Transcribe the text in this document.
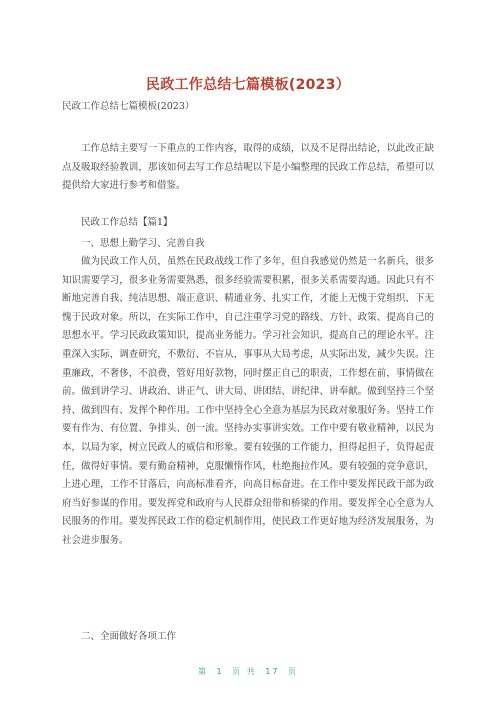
民政工作总结七篇模板(2023）
民政工作总结七篇模板(2023）

工作总结主要写一下重点的工作内容，取得的成绩，以及不足得出结论，以此改正缺点及吸取经验教训，那该如何去写工作总结呢以下是小编整理的民政工作总结，希望可以提供给大家进行参考和借鉴。

民政工作总结【篇1】
一、思想上勤学习、完善自我

做为民政工作人员，虽然在民政战线工作了多年，但自我感觉仍然是一名新兵，很多知识需要学习，很多业务需要熟悉，很多经验需要积累，很多关系需要沟通。因此只有不断地完善自我、纯洁思想、端正意识、精通业务、扎实工作，才能上无愧于党组织、下无愧于民政对象。所以，在实际工作中，自己注重学习党的路线、方针、政策、提高自己的思想水平。学习民政政策知识，提高业务能力。学习社会知识，提高自己的理论水平。注重深入实际，调查研究，不敷衍、不盲从，事事从大局考虑，从实际出发，减少失误。注重廉政，不奢侈，不浪费，管好用好款物，同时摆正自己的职责，工作想在前，事情做在前。做到讲学习、讲政治、讲正气、讲大局、讲团结、讲纪律、讲奉献。做到坚持三个坚持、做到四有、发挥个种作用。工作中坚持全心全意为基层为民政对象服好务。坚持工作要有作为、有位置、争排头、创一流。坚持办实事讲实效。工作中要有敬业精神，以民为本，以局为家，树立民政人的威信和形象。要有较强的工作能力，担得起担子，负得起责任，做得好事情。要有勤奋精神，克服懒惰作风，杜绝拖拉作风。要有较强的竞争意识，上进心理，工作不甘落后，向高标准看齐，向高目标奋进。在工作中要发挥民政干部为政府当好参谋的作用。要发挥党和政府与人民群众纽带和桥梁的作用。要发挥全心全意为人民服务的作用。要发挥民政工作的稳定机制作用，使民政工作更好地为经济发展服务，为社会进步服务。

二、全面做好各项工作
第 1 页 共 17 页
